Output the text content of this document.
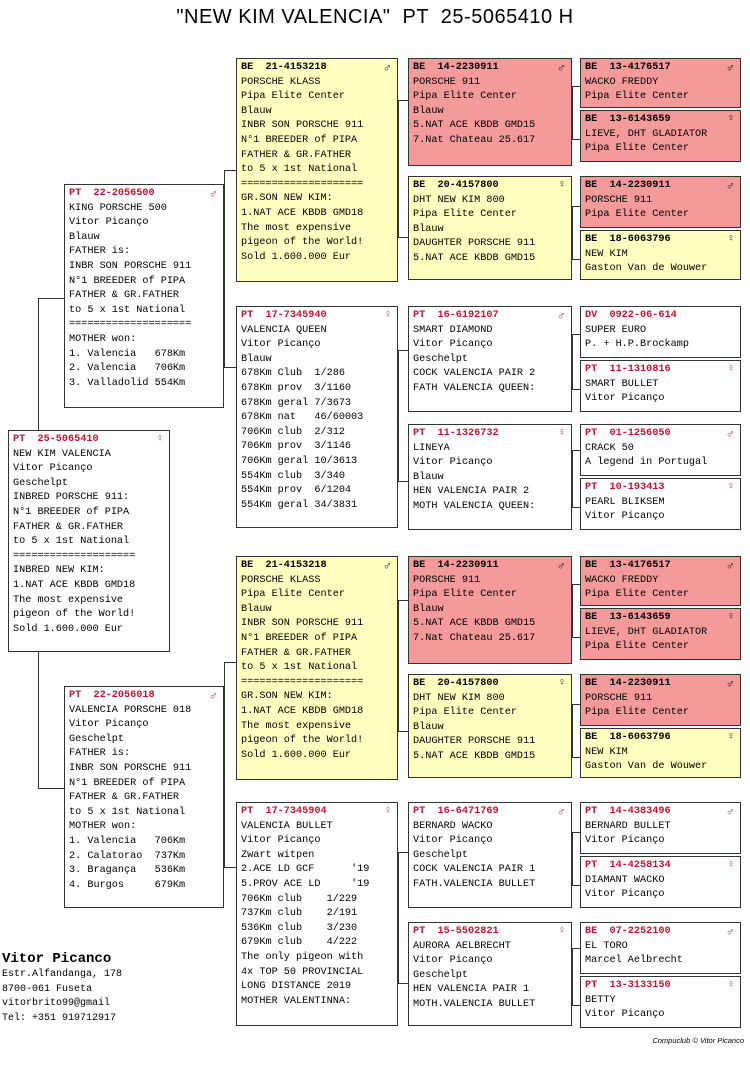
"NEW KIM VALENCIA"  PT  25-5065410 H
PT  25-5065410	♀
NEW KIM VALENCIA
Vitor Picanço
Geschelpt
INBRED PORSCHE 911:
N°1 BREEDER of PIPA
FATHER & GR.FATHER
to 5 x 1st National
====================
INBRED NEW KIM:
1.NAT ACE KBDB GMD18
The most expensive
pigeon of the World!
Sold 1.600.000 Eur
PT  22-2056500	♂
KING PORSCHE 500
Vitor Picanço
Blauw
FATHER is:
INBR SON PORSCHE 911
N°1 BREEDER of PIPA
FATHER & GR.FATHER
to 5 x 1st National
====================
MOTHER won:
1. Valencia   678Km
2. Valencia   706Km
3. Valladolid 554Km
PT  22-2056018	♂
VALENCIA PORSCHE 018
Vitor Picanço
Geschelpt
FATHER is:
INBR SON PORSCHE 911
N°1 BREEDER of PIPA
FATHER & GR.FATHER
to 5 x 1st National
MOTHER won:
1. Valencia   706Km
2. Calatorao  737Km
3. Bragança   536Km
4. Burgos     679Km
BE  21-4153218	♂
PORSCHE KLASS
Pipa Elite Center
Blauw
INBR SON PORSCHE 911
N°1 BREEDER of PIPA
FATHER & GR.FATHER
to 5 x 1st National
====================
GR.SON NEW KIM:
1.NAT ACE KBDB GMD18
The most expensive
pigeon of the World!
Sold 1.600.000 Eur
PT  17-7345940	♀
VALENCIA QUEEN
Vitor Picanço
Blauw
678Km Club  1/286
678Km prov  3/1160
678Km geral 7/3673
678Km nat   46/60003
706Km club  2/312
706Km prov  3/1146
706Km geral 10/3613
554Km club  3/340
554Km prov  6/1204
554Km geral 34/3831
BE  21-4153218	♂
PORSCHE KLASS
Pipa Elite Center
Blauw
INBR SON PORSCHE 911
N°1 BREEDER of PIPA
FATHER & GR.FATHER
to 5 x 1st National
====================
GR.SON NEW KIM:
1.NAT ACE KBDB GMD18
The most expensive
pigeon of the World!
Sold 1.600.000 Eur
PT  17-7345904	♀
VALENCIA BULLET
Vitor Picanço
Zwart witpen
2.ACE LD GCF      '19
5.PROV ACE LD     '19
706Km club    1/229
737Km club    2/191
536Km club    3/230
679Km club    4/222
The only pigeon with
4x TOP 50 PROVINCIAL
LONG DISTANCE 2019
MOTHER VALENTINNA:
BE  14-2230911	♂
PORSCHE 911
Pipa Elite Center
Blauw
5.NAT ACE KBDB GMD15
7.Nat Chateau 25.617
BE  20-4157800	♀
DHT NEW KIM 800
Pipa Elite Center
Blauw
DAUGHTER PORSCHE 911
5.NAT ACE KBDB GMD15
PT  16-6192107	♂
SMART DIAMOND
Vitor Picanço
Geschelpt
COCK VALENCIA PAIR 2
FATH VALENCIA QUEEN:
PT  11-1326732	♀
LINEYA
Vitor Picanço
Blauw
HEN VALENCIA PAIR 2
MOTH VALENCIA QUEEN:
BE  14-2230911	♂
PORSCHE 911
Pipa Elite Center
Blauw
5.NAT ACE KBDB GMD15
7.Nat Chateau 25.617
BE  20-4157800	♀
DHT NEW KIM 800
Pipa Elite Center
Blauw
DAUGHTER PORSCHE 911
5.NAT ACE KBDB GMD15
PT  16-6471769	♂
BERNARD WACKO
Vitor Picanço
Geschelpt
COCK VALENCIA PAIR 1
FATH.VALENCIA BULLET
PT  15-5502821	♀
AURORA AELBRECHT
Vitor Picanço
Geschelpt
HEN VALENCIA PAIR 1
MOTH.VALENCIA BULLET
BE  13-4176517	♂
WACKO FREDDY
Pipa Elite Center
BE  13-6143659	♀
LIEVE, DHT GLADIATOR
Pipa Elite Center
BE  14-2230911	♂
PORSCHE 911
Pipa Elite Center
BE  18-6063796	♀
NEW KIM
Gaston Van de Wouwer
DV  0922-06-614
SUPER EURO
P. + H.P.Brockamp
PT  11-1310816	♀
SMART BULLET
Vitor Picanço
PT  01-1256050	♂
CRACK 50
A legend in Portugal
PT  10-193413	♀
PEARL BLIKSEM
Vitor Picanço
BE  13-4176517	♂
WACKO FREDDY
Pipa Elite Center
BE  13-6143659	♀
LIEVE, DHT GLADIATOR
Pipa Elite Center
BE  14-2230911	♂
PORSCHE 911
Pipa Elite Center
BE  18-6063796	♀
NEW KIM
Gaston Van de Wouwer
PT  14-4383496	♂
BERNARD BULLET
Vitor Picanço
PT  14-4258134	♀
DIAMANT WACKO
Vitor Picanço
BE  07-2252100	♂
EL TORO
Marcel Aelbrecht
PT  13-3133150	♀
BETTY
Vitor Picanço
Vitor Picanco
Estr.Alfandanga, 178
8700-061 Fuseta
vitorbrito99@gmail
Tel: +351 919712917
Compuclub © Vitor Picanco
